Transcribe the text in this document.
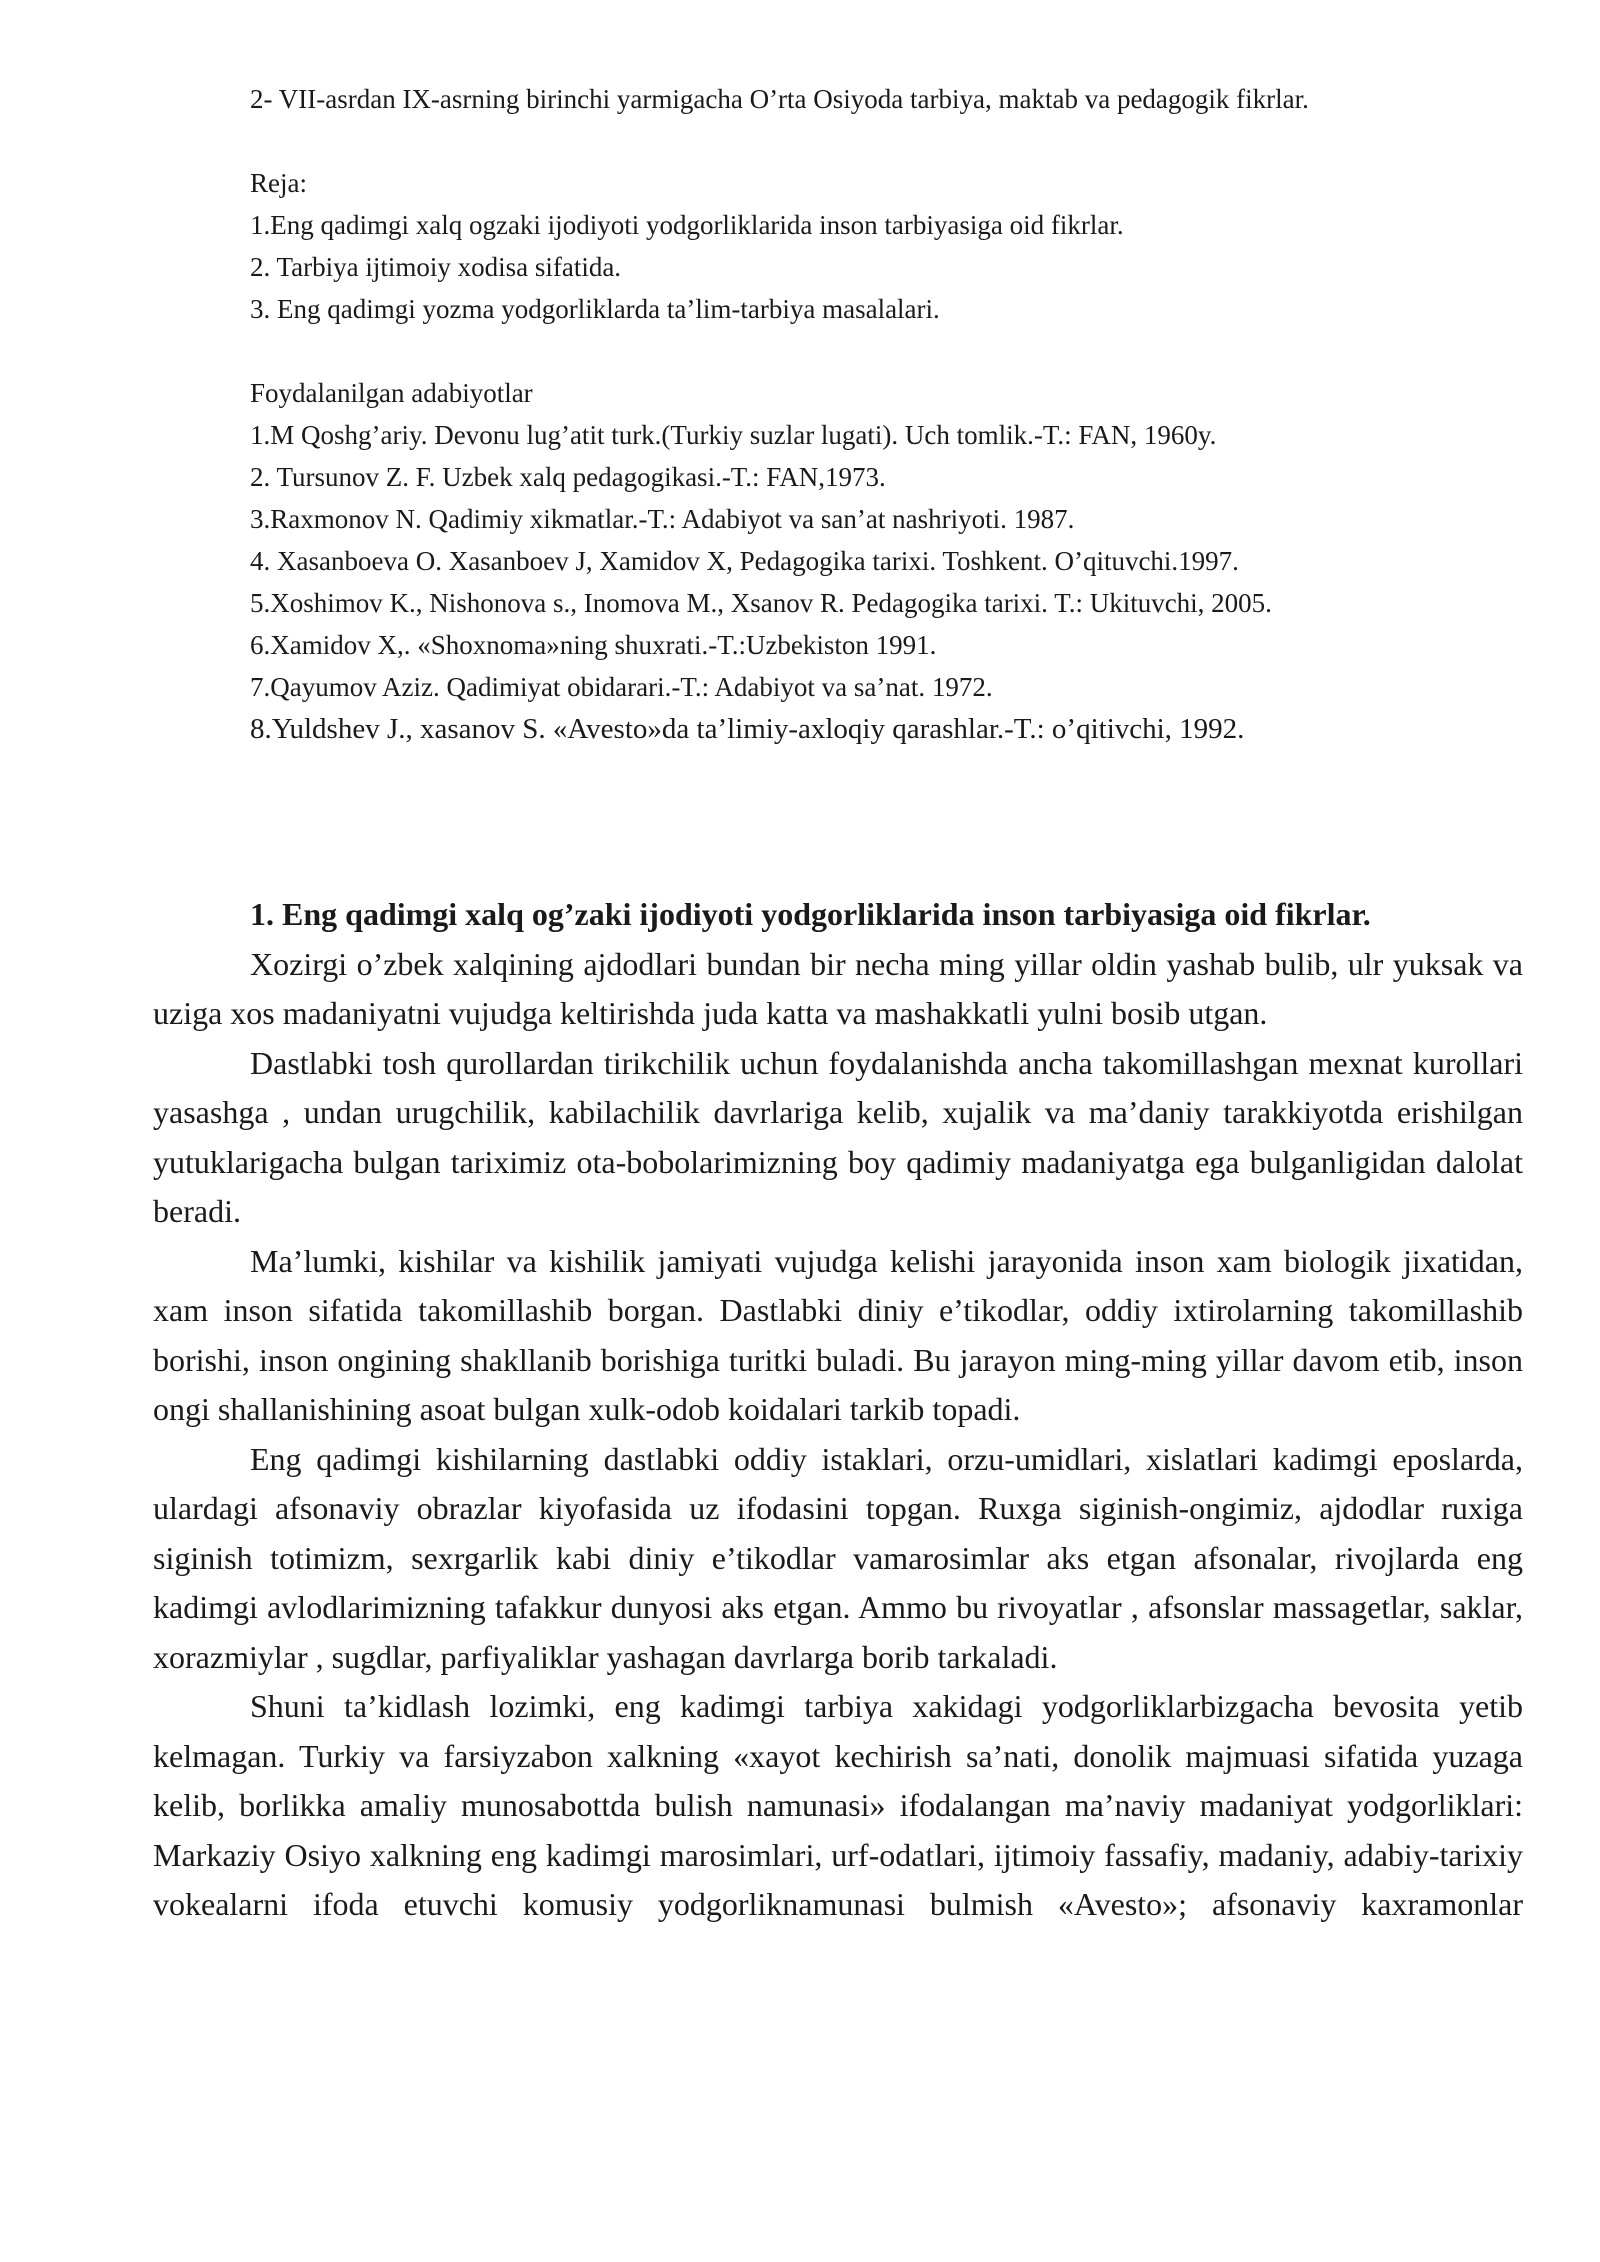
2- VII-asrdan IX-asrning birinchi yarmigacha O’rta Osiyoda tarbiya, maktab va pedagogik fikrlar.

Reja:

1.Eng qadimgi xalq ogzaki ijodiyoti yodgorliklarida inson tarbiyasiga oid fikrlar.

2. Tarbiya ijtimoiy xodisa sifatida.

3. Eng qadimgi yozma yodgorliklarda ta’lim-tarbiya masalalari.

Foydalanilgan adabiyotlar

1.M Qoshg’ariy. Devonu lug’atit turk.(Turkiy suzlar lugati). Uch tomlik.-T.: FAN, 1960y.

2. Tursunov Z. F. Uzbek xalq pedagogikasi.-T.: FAN,1973.

3.Raxmonov N. Qadimiy xikmatlar.-T.: Adabiyot va san’at nashriyoti. 1987.

4. Xasanboeva O. Xasanboev J, Xamidov X, Pedagogika tarixi. Toshkent. O’qituvchi.1997.

5.Xoshimov K., Nishonova s., Inomova M., Xsanov R. Pedagogika tarixi. T.: Ukituvchi, 2005.

6.Xamidov X,. «Shoxnoma»ning shuxrati.-T.:Uzbekiston 1991.

7.Qayumov Aziz. Qadimiyat obidarari.-T.: Adabiyot va sa’nat. 1972.

8.Yuldshev J., xasanov S. «Avesto»da ta’limiy-axloqiy qarashlar.-T.: o’qitivchi, 1992.

1. Eng qadimgi xalq og’zaki ijodiyoti yodgorliklarida inson tarbiyasiga oid fikrlar.

Xozirgi o’zbek xalqining ajdodlari bundan bir necha ming yillar oldin yashab bulib, ulr yuksak va uziga xos madaniyatni vujudga keltirishda juda katta va mashakkatli yulni bosib utgan.

Dastlabki tosh qurollardan tirikchilik uchun foydalanishda ancha takomillashgan mexnat kurollari yasashga , undan urugchilik, kabilachilik davrlariga kelib, xujalik va ma’daniy tarakkiyotda erishilgan yutuklarigacha bulgan tariximiz ota-bobolarimizning boy qadimiy madaniyatga ega bulganligidan dalolat beradi.

Ma’lumki, kishilar va kishilik jamiyati vujudga kelishi jarayonida inson xam biologik jixatidan, xam inson sifatida takomillashib borgan. Dastlabki diniy e’tikodlar, oddiy ixtirolarning takomillashib borishi, inson ongining shakllanib borishiga turitki buladi. Bu jarayon ming-ming yillar davom etib, inson ongi shallanishining asoat bulgan xulk-odob koidalari tarkib topadi.

Eng qadimgi kishilarning dastlabki oddiy istaklari, orzu-umidlari, xislatlari kadimgi eposlarda, ulardagi afsonaviy obrazlar kiyofasida uz ifodasini topgan. Ruxga siginish-ongimiz, ajdodlar ruxiga siginish totimizm, sexrgarlik kabi diniy e’tikodlar vamarosimlar aks etgan afsonalar, rivojlarda eng kadimgi avlodlarimizning tafakkur dunyosi aks etgan. Ammo bu rivoyatlar , afsonslar massagetlar, saklar, xorazmiylar , sugdlar, parfiyaliklar yashagan davrlarga borib tarkaladi.

Shuni ta’kidlash lozimki, eng kadimgi tarbiya xakidagi yodgorliklarbizgacha bevosita yetib kelmagan. Turkiy va farsiyzabon xalkning «xayot kechirish sa’nati, donolik majmuasi sifatida yuzaga kelib, borlikka amaliy munosabottda bulish namunasi» ifodalangan ma’naviy madaniyat yodgorliklari: Markaziy Osiyo xalkning eng kadimgi marosimlari, urf-odatlari, ijtimoiy fassafiy, madaniy, adabiy-tarixiy vokealarni ifoda etuvchi komusiy yodgorliknamunasi bulmish «Avesto»; afsonaviy kaxramonlar
